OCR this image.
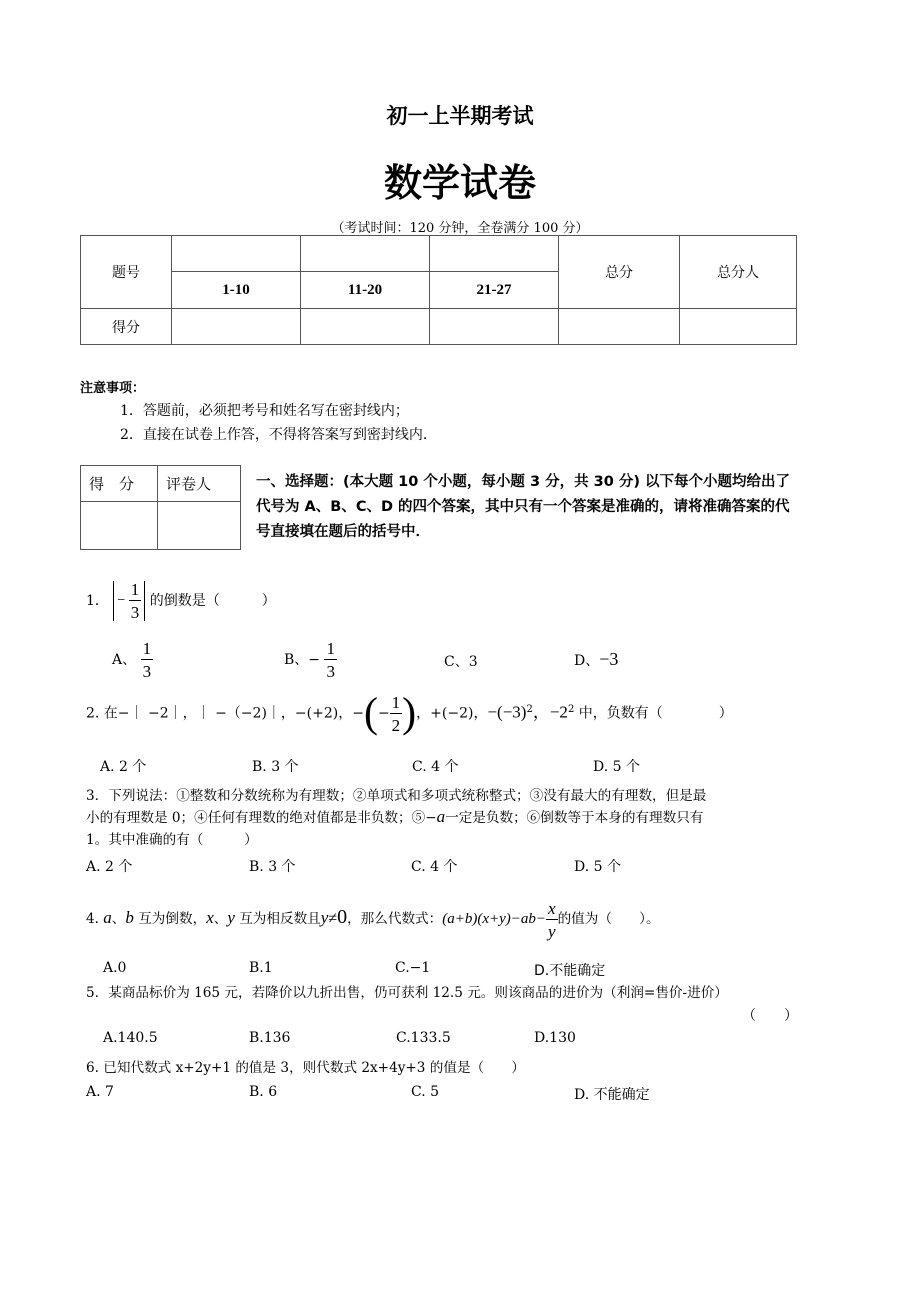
初一上半期考试
数学试卷
（考试时间：120 分钟，全卷满分 100 分）
题号				总分	总分人
	1-10	11-20	21-27		
得分					
注意事项：
1．答题前，必须把考号和姓名写在密封线内；
2．直接在试卷上作答，不得将答案写到密封线内．
得　分	评卷人
		一、选择题：(本大题 10 个小题，每小题 3 分，共 30 分) 以下每个小题均给出了
代号为 A、B、C、D 的四个答案，其中只有一个答案是准确的，请将准确答案的代
号直接填在题后的括号中．
1． − $\frac{1}{3}$ 的倒数是（　　　）
A、 $\frac{1}{3}$	B、− $\frac{1}{3}$	C、3	D、−3
2. 在−｜ −2｜，｜ −（−2)｜，−(+2)，−(− $\frac{1}{2}$ )，+(−2)，$-(-3)^2$，$-2^2$ 中，负数有（　　　　）
A. 2 个	B. 3 个	C. 4 个	D. 5 个
3．下列说法：①整数和分数统称为有理数；②单项式和多项式统称整式；③没有最大的有理数，但是最
小的有理数是 0；④任何有理数的绝对值都是非负数；⑤−a一定是负数；⑥倒数等于本身的有理数只有
1。其中准确的有（　　　）
A. 2 个	B. 3 个	C. 4 个	D. 5 个
4. a、b 互为倒数，x、y 互为相反数且y≠0，那么代数式：$(a+b)(x+y)-ab- \frac{x}{y}$ 的值为（　　）。
A.0	B.1	C.−1	D.不能确定
5．某商品标价为 165 元，若降价以九折出售，仍可获利 12.5 元。则该商品的进价为（利润=售价-进价）
（　　）
A.140.5	B.136	C.133.5	D.130
6. 已知代数式 x+2y+1 的值是 3，则代数式 2x+4y+3 的值是（　　）
A. 7	B. 6	C. 5	D. 不能确定
